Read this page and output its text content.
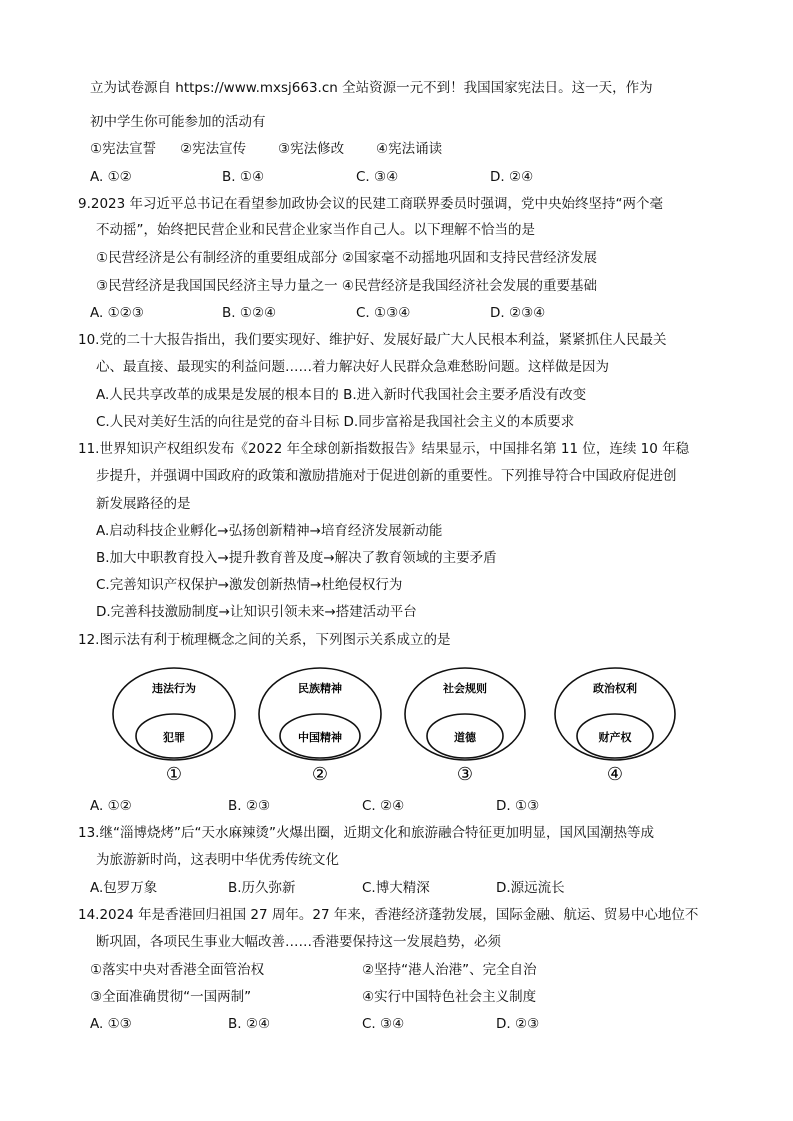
立为试卷源自 https://www.mxsj663.cn 全站资源一元不到！我国国家宪法日。这一天，作为
初中学生你可能参加的活动有
①宪法宣誓 ②宪法宣传 ③宪法修改 ④宪法诵读
A. ①②	B. ①④	C. ③④	D. ②④
9.2023 年习近平总书记在看望参加政协会议的民建工商联界委员时强调，党中央始终坚持“两个毫
不动摇”，始终把民营企业和民营企业家当作自己人。以下理解不恰当的是
①民营经济是公有制经济的重要组成部分 ②国家毫不动摇地巩固和支持民营经济发展
③民营经济是我国国民经济主导力量之一 ④民营经济是我国经济社会发展的重要基础
A. ①②③	B. ①②④	C. ①③④	D. ②③④
10.党的二十大报告指出，我们要实现好、维护好、发展好最广大人民根本利益，紧紧抓住人民最关
心、最直接、最现实的利益问题……着力解决好人民群众急难愁盼问题。这样做是因为
A.人民共享改革的成果是发展的根本目的 B.进入新时代我国社会主要矛盾没有改变
C.人民对美好生活的向往是党的奋斗目标 D.同步富裕是我国社会主义的本质要求
11.世界知识产权组织发布《2022 年全球创新指数报告》结果显示，中国排名第 11 位，连续 10 年稳
步提升，并强调中国政府的政策和激励措施对于促进创新的重要性。下列推导符合中国政府促进创
新发展路径的是
A.启动科技企业孵化→弘扬创新精神→培育经济发展新动能
B.加大中职教育投入→提升教育普及度→解决了教育领域的主要矛盾
C.完善知识产权保护→激发创新热情→杜绝侵权行为
D.完善科技激励制度→让知识引领未来→搭建活动平台
12.图示法有利于梳理概念之间的关系，下列图示关系成立的是
违法行为
犯罪
①
民族精神
中国精神
②
社会规则
道德
③
政治权利
财产权
④
A. ①②	B. ②③	C. ②④	D. ①③
13.继“淄博烧烤”后“天水麻辣烫”火爆出圈，近期文化和旅游融合特征更加明显，国风国潮热等成
为旅游新时尚，这表明中华优秀传统文化
A.包罗万象	B.历久弥新	C.博大精深	D.源远流长
14.2024 年是香港回归祖国 27 周年。27 年来，香港经济蓬勃发展，国际金融、航运、贸易中心地位不
断巩固，各项民生事业大幅改善……香港要保持这一发展趋势，必须
①落实中央对香港全面管治权	②坚持“港人治港”、完全自治
③全面准确贯彻“一国两制”	④实行中国特色社会主义制度
A. ①③	B. ②④	C. ③④	D. ②③
